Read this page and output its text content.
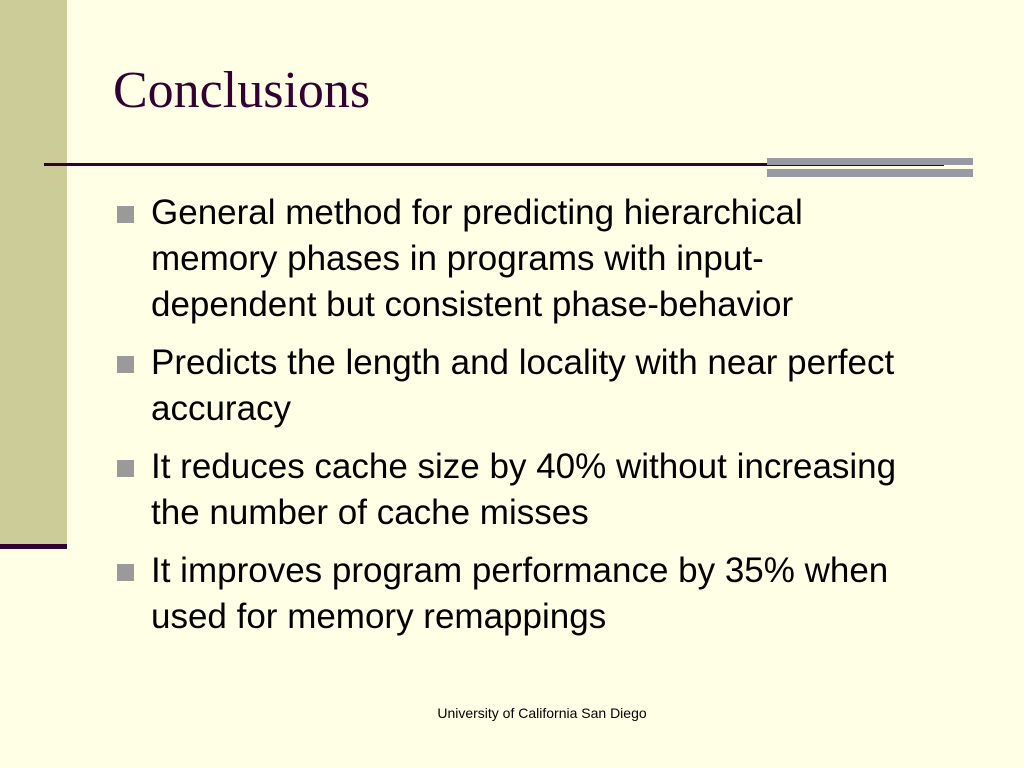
Conclusions
General method for predicting hierarchical memory phases in programs with input-dependent but consistent phase-behavior
Predicts the length and locality with near perfect accuracy
It reduces cache size by 40% without increasing the number of cache misses
It improves program performance by 35% when used for memory remappings
University of California San Diego
